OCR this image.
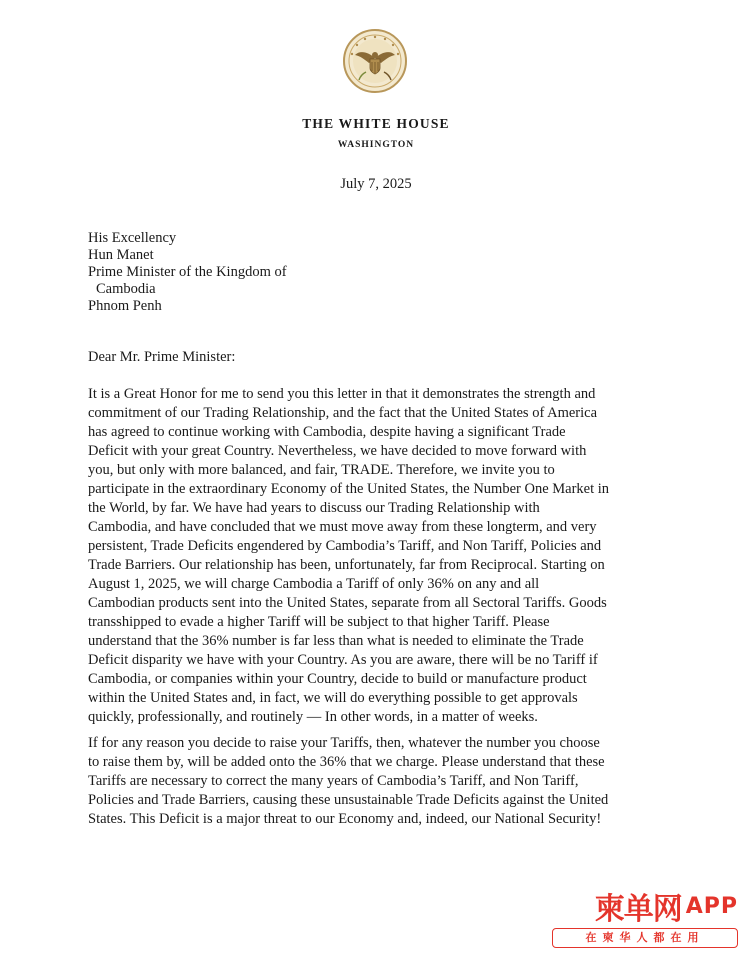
THE WHITE HOUSE
WASHINGTON
July 7, 2025
His Excellency
Hun Manet
Prime Minister of the Kingdom of
Cambodia
Phnom Penh
Dear Mr. Prime Minister:
It is a Great Honor for me to send you this letter in that it demonstrates the strength and
commitment of our Trading Relationship, and the fact that the United States of America
has agreed to continue working with Cambodia, despite having a significant Trade
Deficit with your great Country. Nevertheless, we have decided to move forward with
you, but only with more balanced, and fair, TRADE. Therefore, we invite you to
participate in the extraordinary Economy of the United States, the Number One Market in
the World, by far. We have had years to discuss our Trading Relationship with
Cambodia, and have concluded that we must move away from these longterm, and very
persistent, Trade Deficits engendered by Cambodia’s Tariff, and Non Tariff, Policies and
Trade Barriers. Our relationship has been, unfortunately, far from Reciprocal. Starting on
August 1, 2025, we will charge Cambodia a Tariff of only 36% on any and all
Cambodian products sent into the United States, separate from all Sectoral Tariffs. Goods
transshipped to evade a higher Tariff will be subject to that higher Tariff. Please
understand that the 36% number is far less than what is needed to eliminate the Trade
Deficit disparity we have with your Country. As you are aware, there will be no Tariff if
Cambodia, or companies within your Country, decide to build or manufacture product
within the United States and, in fact, we will do everything possible to get approvals
quickly, professionally, and routinely — In other words, in a matter of weeks.
If for any reason you decide to raise your Tariffs, then, whatever the number you choose
to raise them by, will be added onto the 36% that we charge. Please understand that these
Tariffs are necessary to correct the many years of Cambodia’s Tariff, and Non Tariff,
Policies and Trade Barriers, causing these unsustainable Trade Deficits against the United
States. This Deficit is a major threat to our Economy and, indeed, our National Security!
柬单网 APP
在柬华人都在用
